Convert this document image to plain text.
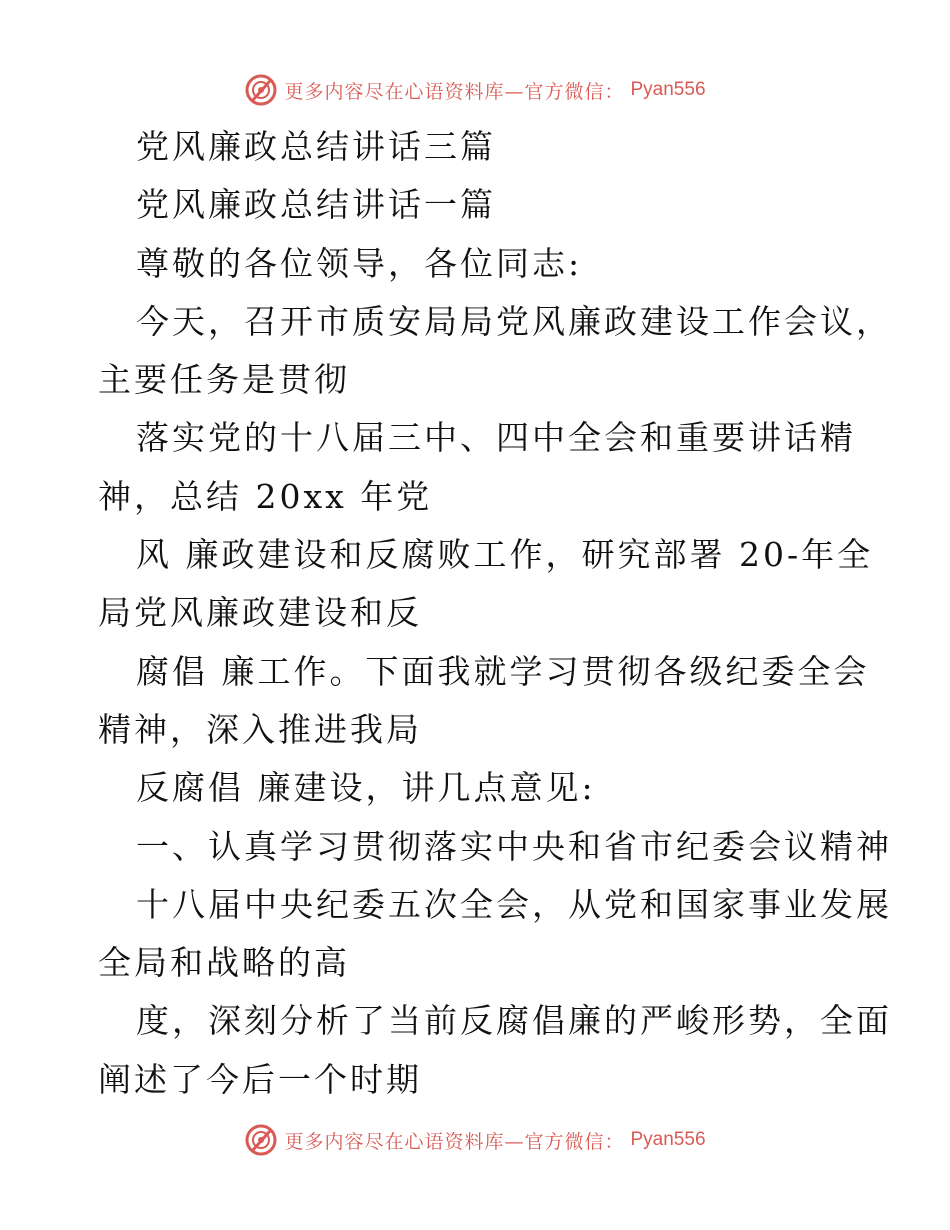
更多内容尽在心语资料库—官方微信： Pyan556
党风廉政总结讲话三篇
党风廉政总结讲话一篇
尊敬的各位领导，各位同志:
今天，召开市质安局局党风廉政建设工作会议，
主要任务是贯彻
落实党的十八届三中、四中全会和重要讲话精
神，总结 20xx 年党
风 廉政建设和反腐败工作，研究部署 20-年全
局党风廉政建设和反
腐倡 廉工作。下面我就学习贯彻各级纪委全会
精神，深入推进我局
反腐倡 廉建设，讲几点意见:
一、认真学习贯彻落实中央和省市纪委会议精神
十八届中央纪委五次全会，从党和国家事业发展
全局和战略的高
度，深刻分析了当前反腐倡廉的严峻形势，全面
阐述了今后一个时期
更多内容尽在心语资料库—官方微信： Pyan556
